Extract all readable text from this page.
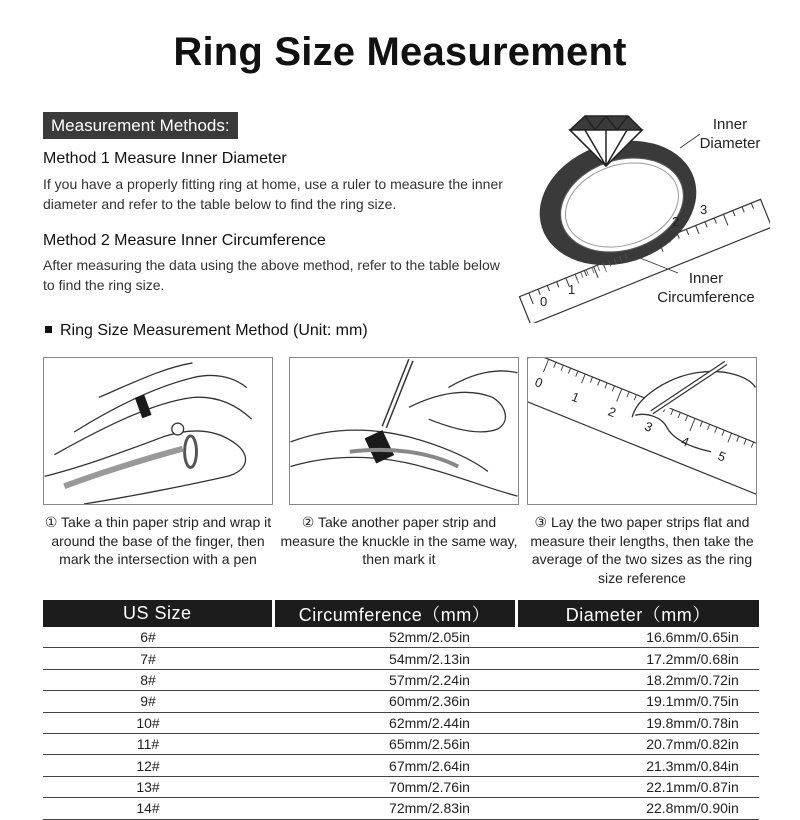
Ring Size Measurement
Measurement Methods:
Method 1 Measure Inner Diameter
If you have a properly fitting ring at home, use a ruler to measure the inner diameter and refer to the table below to find the ring size.
Method 2 Measure Inner Circumference
After measuring the data using the above method, refer to the table below to find the ring size.
0
1
2
3
Inner
Diameter
Inner
Circumference
Ring Size Measurement Method (Unit: mm)
0
1
2
3
4
5
① Take a thin paper strip and wrap it around the base of the finger, then mark the intersection with a pen
② Take another paper strip and measure the knuckle in the same way, then mark it
③ Lay the two paper strips flat and measure their lengths, then take the average of the two sizes as the ring size reference
US Size	Circumference（mm）	Diameter（mm）
6#	52mm/2.05in	16.6mm/0.65in
7#	54mm/2.13in	17.2mm/0.68in
8#	57mm/2.24in	18.2mm/0.72in
9#	60mm/2.36in	19.1mm/0.75in
10#	62mm/2.44in	19.8mm/0.78in
11#	65mm/2.56in	20.7mm/0.82in
12#	67mm/2.64in	21.3mm/0.84in
13#	70mm/2.76in	22.1mm/0.87in
14#	72mm/2.83in	22.8mm/0.90in
